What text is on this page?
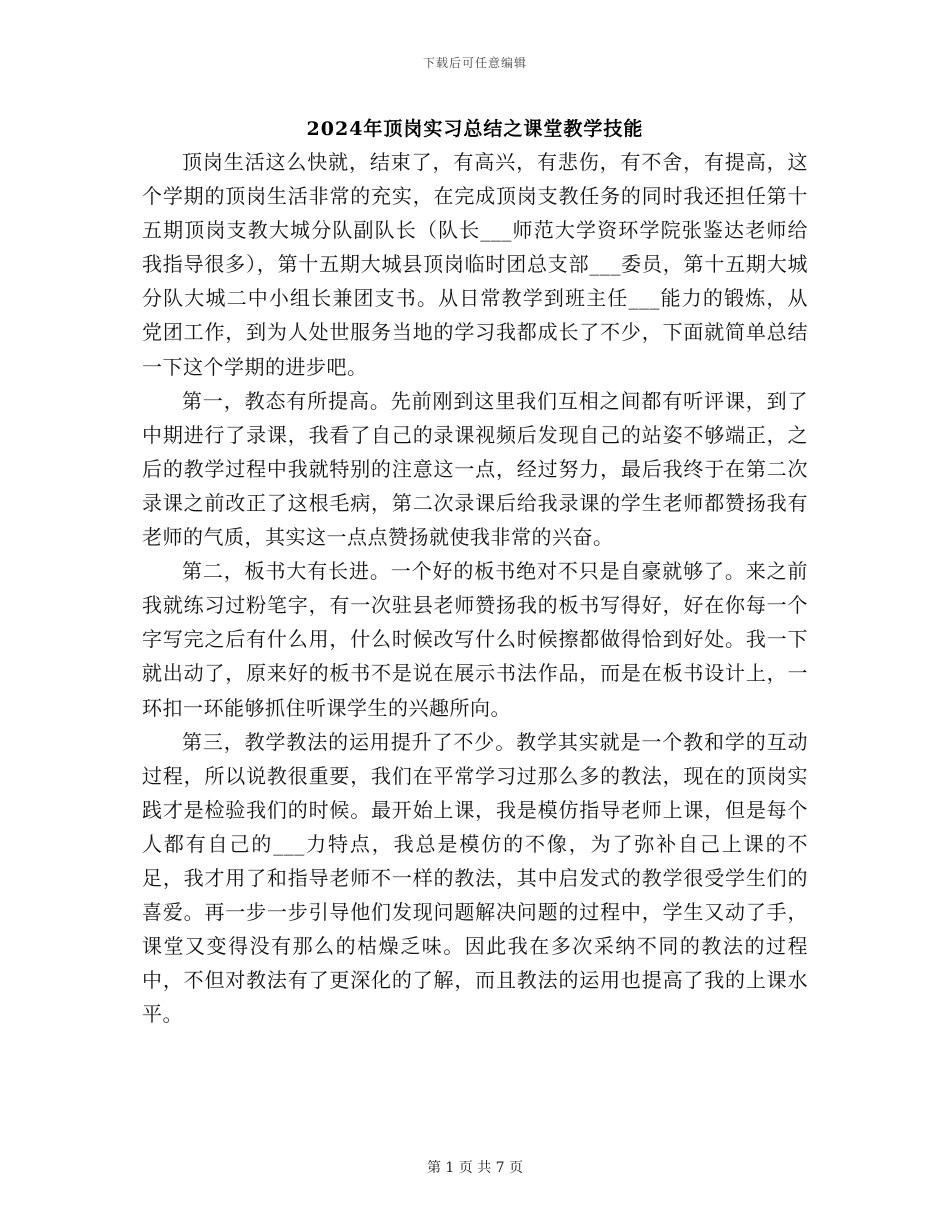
下载后可任意编辑
2024年顶岗实习总结之课堂教学技能

顶岗生活这么快就，结束了，有高兴，有悲伤，有不舍，有提高，这个学期的顶岗生活非常的充实，在完成顶岗支教任务的同时我还担任第十五期顶岗支教大城分队副队长（队长___师范大学资环学院张鉴达老师给我指导很多），第十五期大城县顶岗临时团总支部___委员，第十五期大城分队大城二中小组长兼团支书。从日常教学到班主任___能力的锻炼，从党团工作，到为人处世服务当地的学习我都成长了不少，下面就简单总结一下这个学期的进步吧。

第一，教态有所提高。先前刚到这里我们互相之间都有听评课，到了中期进行了录课，我看了自己的录课视频后发现自己的站姿不够端正，之后的教学过程中我就特别的注意这一点，经过努力，最后我终于在第二次录课之前改正了这根毛病，第二次录课后给我录课的学生老师都赞扬我有老师的气质，其实这一点点赞扬就使我非常的兴奋。

第二，板书大有长进。一个好的板书绝对不只是自豪就够了。来之前我就练习过粉笔字，有一次驻县老师赞扬我的板书写得好，好在你每一个字写完之后有什么用，什么时候改写什么时候擦都做得恰到好处。我一下就出动了，原来好的板书不是说在展示书法作品，而是在板书设计上，一环扣一环能够抓住听课学生的兴趣所向。

第三，教学教法的运用提升了不少。教学其实就是一个教和学的互动过程，所以说教很重要，我们在平常学习过那么多的教法，现在的顶岗实践才是检验我们的时候。最开始上课，我是模仿指导老师上课，但是每个人都有自己的___力特点，我总是模仿的不像，为了弥补自己上课的不足，我才用了和指导老师不一样的教法，其中启发式的教学很受学生们的喜爱。再一步一步引导他们发现问题解决问题的过程中，学生又动了手，课堂又变得没有那么的枯燥乏味。因此我在多次采纳不同的教法的过程中，不但对教法有了更深化的了解，而且教法的运用也提高了我的上课水平。

第 1 页 共 7 页
